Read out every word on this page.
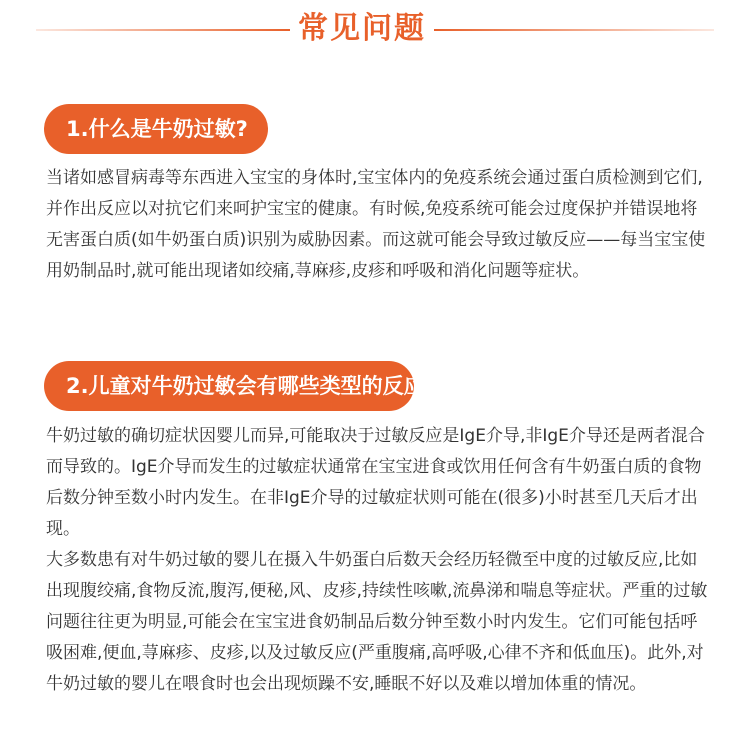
常见问题
1.什么是牛奶过敏?

当诸如感冒病毒等东西进入宝宝的身体时,宝宝体内的免疫系统会通过蛋白质检测到它们,并作出反应以对抗它们来呵护宝宝的健康。有时候,免疫系统可能会过度保护并错误地将无害蛋白质(如牛奶蛋白质)识别为威胁因素。而这就可能会导致过敏反应——每当宝宝使用奶制品时,就可能出现诸如绞痛,荨麻疹,皮疹和呼吸和消化问题等症状。

2.儿童对牛奶过敏会有哪些类型的反应?

牛奶过敏的确切症状因婴儿而异,可能取决于过敏反应是IgE介导,非IgE介导还是两者混合而导致的。IgE介导而发生的过敏症状通常在宝宝进食或饮用任何含有牛奶蛋白质的食物后数分钟至数小时内发生。在非IgE介导的过敏症状则可能在(很多)小时甚至几天后才出现。

大多数患有对牛奶过敏的婴儿在摄入牛奶蛋白后数天会经历轻微至中度的过敏反应,比如出现腹绞痛,食物反流,腹泻,便秘,风、皮疹,持续性咳嗽,流鼻涕和喘息等症状。严重的过敏问题往往更为明显,可能会在宝宝进食奶制品后数分钟至数小时内发生。它们可能包括呼吸困难,便血,荨麻疹、皮疹,以及过敏反应(严重腹痛,高呼吸,心律不齐和低血压)。此外,对牛奶过敏的婴儿在喂食时也会出现烦躁不安,睡眠不好以及难以增加体重的情况。
